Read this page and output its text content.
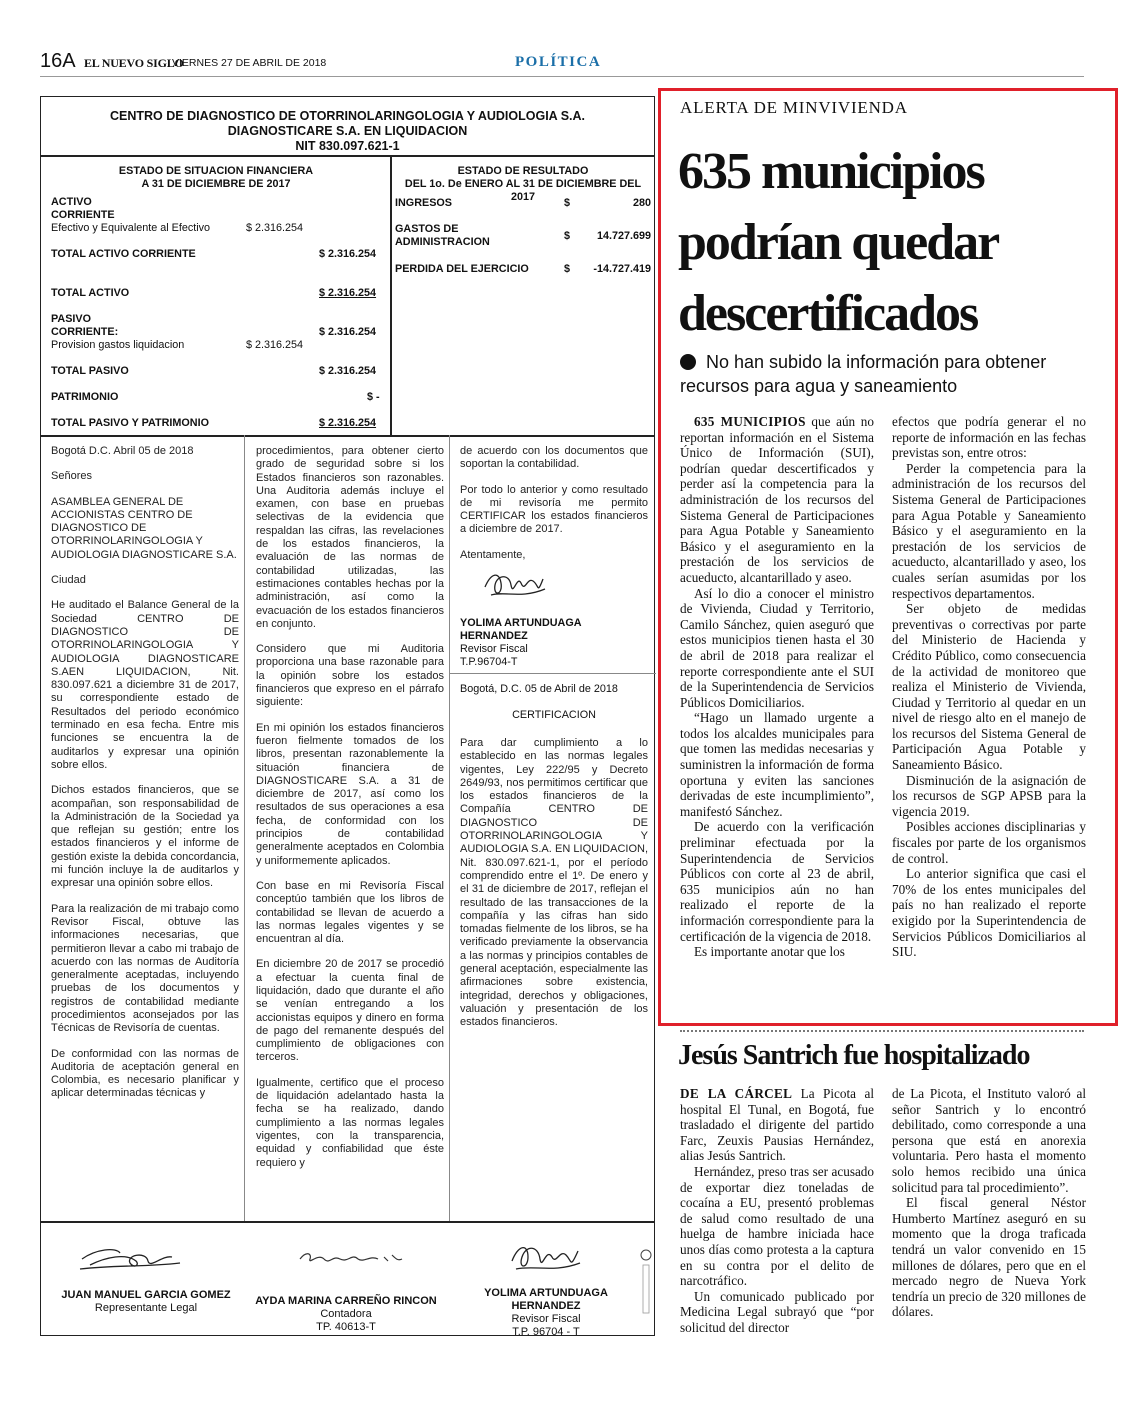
16A EL NUEVO SIGLO
VIERNES 27 DE ABRIL DE 2018	POLÍTICA
CENTRO DE DIAGNOSTICO DE OTORRINOLARINGOLOGIA Y AUDIOLOGIA S.A.
DIAGNOSTICARE S.A. EN LIQUIDACION
NIT 830.097.621-1
ESTADO DE SITUACION FINANCIERA
A 31 DE DICIEMBRE DE 2017
ACTIVO
CORRIENTE
Efectivo y Equivalente al Efectivo	$ 2.316.254
TOTAL ACTIVO CORRIENTE	$ 2.316.254
TOTAL ACTIVO	$ 2.316.254
PASIVO
CORRIENTE:	$ 2.316.254
Provision gastos liquidacion	$ 2.316.254
TOTAL PASIVO	$ 2.316.254
PATRIMONIO	$ -
TOTAL PASIVO Y PATRIMONIO	$ 2.316.254
ESTADO DE RESULTADO
DEL 1o. De ENERO AL 31 DE DICIEMBRE DEL 2017
INGRESOS	$	280
GASTOS DE
ADMINISTRACION	$	14.727.699
PERDIDA DEL EJERCICIO	$	-14.727.419

Bogotá D.C. Abril 05 de 2018

Señores

ASAMBLEA GENERAL DE ACCIONISTAS CENTRO DE DIAGNOSTICO DE OTORRINOLARINGOLOGIA Y AUDIOLOGIA DIAGNOSTICARE S.A.

Ciudad

He auditado el Balance General de la Sociedad CENTRO DE DIAGNOSTICO DE OTORRINOLARINGOLOGIA Y AUDIOLOGIA DIAGNOSTICARE S.AEN LIQUIDACION, Nit. 830.097.621 a diciembre 31 de 2017, su correspondiente estado de Resultados del periodo económico terminado en esa fecha. Entre mis funciones se encuentra la de auditarlos y expresar una opinión sobre ellos.

Dichos estados financieros, que se acompañan, son responsabilidad de la Administración de la Sociedad ya que reflejan su gestión; entre los estados financieros y el informe de gestión existe la debida concordancia, mi función incluye la de auditarlos y expresar una opinión sobre ellos.

Para la realización de mi trabajo como Revisor Fiscal, obtuve las informaciones necesarias, que permitieron llevar a cabo mi trabajo de acuerdo con las normas de Auditoría generalmente aceptadas, incluyendo pruebas de los documentos y registros de contabilidad mediante procedimientos aconsejados por las Técnicas de Revisoría de cuentas.

De conformidad con las normas de Auditoria de aceptación general en Colombia, es necesario planificar y aplicar determinadas técnicas y

procedimientos, para obtener cierto grado de seguridad sobre si los Estados financieros son razonables. Una Auditoria además incluye el examen, con base en pruebas selectivas de la evidencia que respaldan las cifras, las revelaciones de los estados financieros, la evaluación de las normas de contabilidad utilizadas, las estimaciones contables hechas por la administración, así como la evacuación de los estados financieros en conjunto.

Considero que mi Auditoria proporciona una base razonable para la opinión sobre los estados financieros que expreso en el párrafo siguiente:

En mi opinión los estados financieros fueron fielmente tomados de los libros, presentan razonablemente la situación financiera de DIAGNOSTICARE S.A. a 31 de diciembre de 2017, así como los resultados de sus operaciones a esa fecha, de conformidad con los principios de contabilidad generalmente aceptados en Colombia y uniformemente aplicados.

Con base en mi Revisoría Fiscal conceptúo también que los libros de contabilidad se llevan de acuerdo a las normas legales vigentes y se encuentran al día.

En diciembre 20 de 2017 se procedió a efectuar la cuenta final de liquidación, dado que durante el año se venían entregando a los accionistas equipos y dinero en forma de pago del remanente después del cumplimiento de obligaciones con terceros.

Igualmente, certifico que el proceso de liquidación adelantado hasta la fecha se ha realizado, dando cumplimiento a las normas legales vigentes, con la transparencia, equidad y confiabilidad que éste requiero y

de acuerdo con los documentos que soportan la contabilidad.

Por todo lo anterior y como resultado de mi revisoría me permito CERTIFICAR los estados financieros a diciembre de 2017.

Atentamente,

YOLIMA ARTUNDUAGA HERNANDEZ
Revisor Fiscal
T.P.96704-T
Bogotá, D.C. 05 de Abril de 2018
CERTIFICACION
Para dar cumplimiento a lo establecido en las normas legales vigentes, Ley 222/95 y Decreto 2649/93, nos permitimos certificar que los estados financieros de la Compañía CENTRO DE DIAGNOSTICO DE OTORRINOLARINGOLOGIA Y AUDIOLOGIA S.A. EN LIQUIDACION, Nit. 830.097.621-1, por el período comprendido entre el 1º. De enero y el 31 de diciembre de 2017, reflejan el resultado de las transacciones de la compañía y las cifras han sido tomadas fielmente de los libros, se ha verificado previamente la observancia a las normas y principios contables de general aceptación, especialmente las afirmaciones sobre existencia, integridad, derechos y obligaciones, valuación y presentación de los estados financieros.
JUAN MANUEL GARCIA GOMEZ
Representante Legal
AYDA MARINA CARREÑO RINCON
Contadora
TP. 40613-T
YOLIMA ARTUNDUAGA HERNANDEZ
Revisor Fiscal
T.P. 96704 - T
ALERTA DE MINVIVIENDA
635 municipios podrían quedar descertificados
No han subido la información para obtener recursos para agua y saneamiento

635 MUNICIPIOS que aún no reportan información en el Sistema Único de Información (SUI), podrían quedar descertificados y perder así la competencia para la administración de los recursos del Sistema General de Participaciones para Agua Potable y Saneamiento Básico y el aseguramiento en la prestación de los servicios de acueducto, alcantarillado y aseo.

Así lo dio a conocer el ministro de Vivienda, Ciudad y Territorio, Camilo Sánchez, quien aseguró que estos municipios tienen hasta el 30 de abril de 2018 para realizar el reporte correspondiente ante el SUI de la Superintendencia de Servicios Públicos Domiciliarios.

“Hago un llamado urgente a todos los alcaldes municipales para que tomen las medidas necesarias y suministren la información de forma oportuna y eviten las sanciones derivadas de este incumplimiento”, manifestó Sánchez.

De acuerdo con la verificación preliminar efectuada por la Superintendencia de Servicios Públicos con corte al 23 de abril, 635 municipios aún no han realizado el reporte de la información correspondiente para la certificación de la vigencia de 2018.

Es importante anotar que los

efectos que podría generar el no reporte de información en las fechas previstas son, entre otros:

Perder la competencia para la administración de los recursos del Sistema General de Participaciones para Agua Potable y Saneamiento Básico y el aseguramiento en la prestación de los servicios de acueducto, alcantarillado y aseo, los cuales serían asumidas por los respectivos departamentos.

Ser objeto de medidas preventivas o correctivas por parte del Ministerio de Hacienda y Crédito Público, como consecuencia de la actividad de monitoreo que realiza el Ministerio de Vivienda, Ciudad y Territorio al quedar en un nivel de riesgo alto en el manejo de los recursos del Sistema General de Participación Agua Potable y Saneamiento Básico.

Disminución de la asignación de los recursos de SGP APSB para la vigencia 2019.

Posibles acciones disciplinarias y fiscales por parte de los organismos de control.

Lo anterior significa que casi el 70% de los entes municipales del país no han realizado el reporte exigido por la Superintendencia de Servicios Públicos Domiciliarios al SIU.

Jesús Santrich fue hospitalizado

DE LA CÁRCEL La Picota al hospital El Tunal, en Bogotá, fue trasladado el dirigente del partido Farc, Zeuxis Pausias Hernández, alias Jesús Santrich.

Hernández, preso tras ser acusado de exportar diez toneladas de cocaína a EU, presentó problemas de salud como resultado de una huelga de hambre iniciada hace unos días como protesta a la captura en su contra por el delito de narcotráfico.

Un comunicado publicado por Medicina Legal subrayó que “por solicitud del director

de La Picota, el Instituto valoró al señor Santrich y lo encontró debilitado, como corresponde a una persona que está en anorexia voluntaria. Pero hasta el momento solo hemos recibido una única solicitud para tal procedimiento”.

El fiscal general Néstor Humberto Martínez aseguró en su momento que la droga traficada tendrá un valor convenido en 15 millones de dólares, pero que en el mercado negro de Nueva York tendría un precio de 320 millones de dólares.
